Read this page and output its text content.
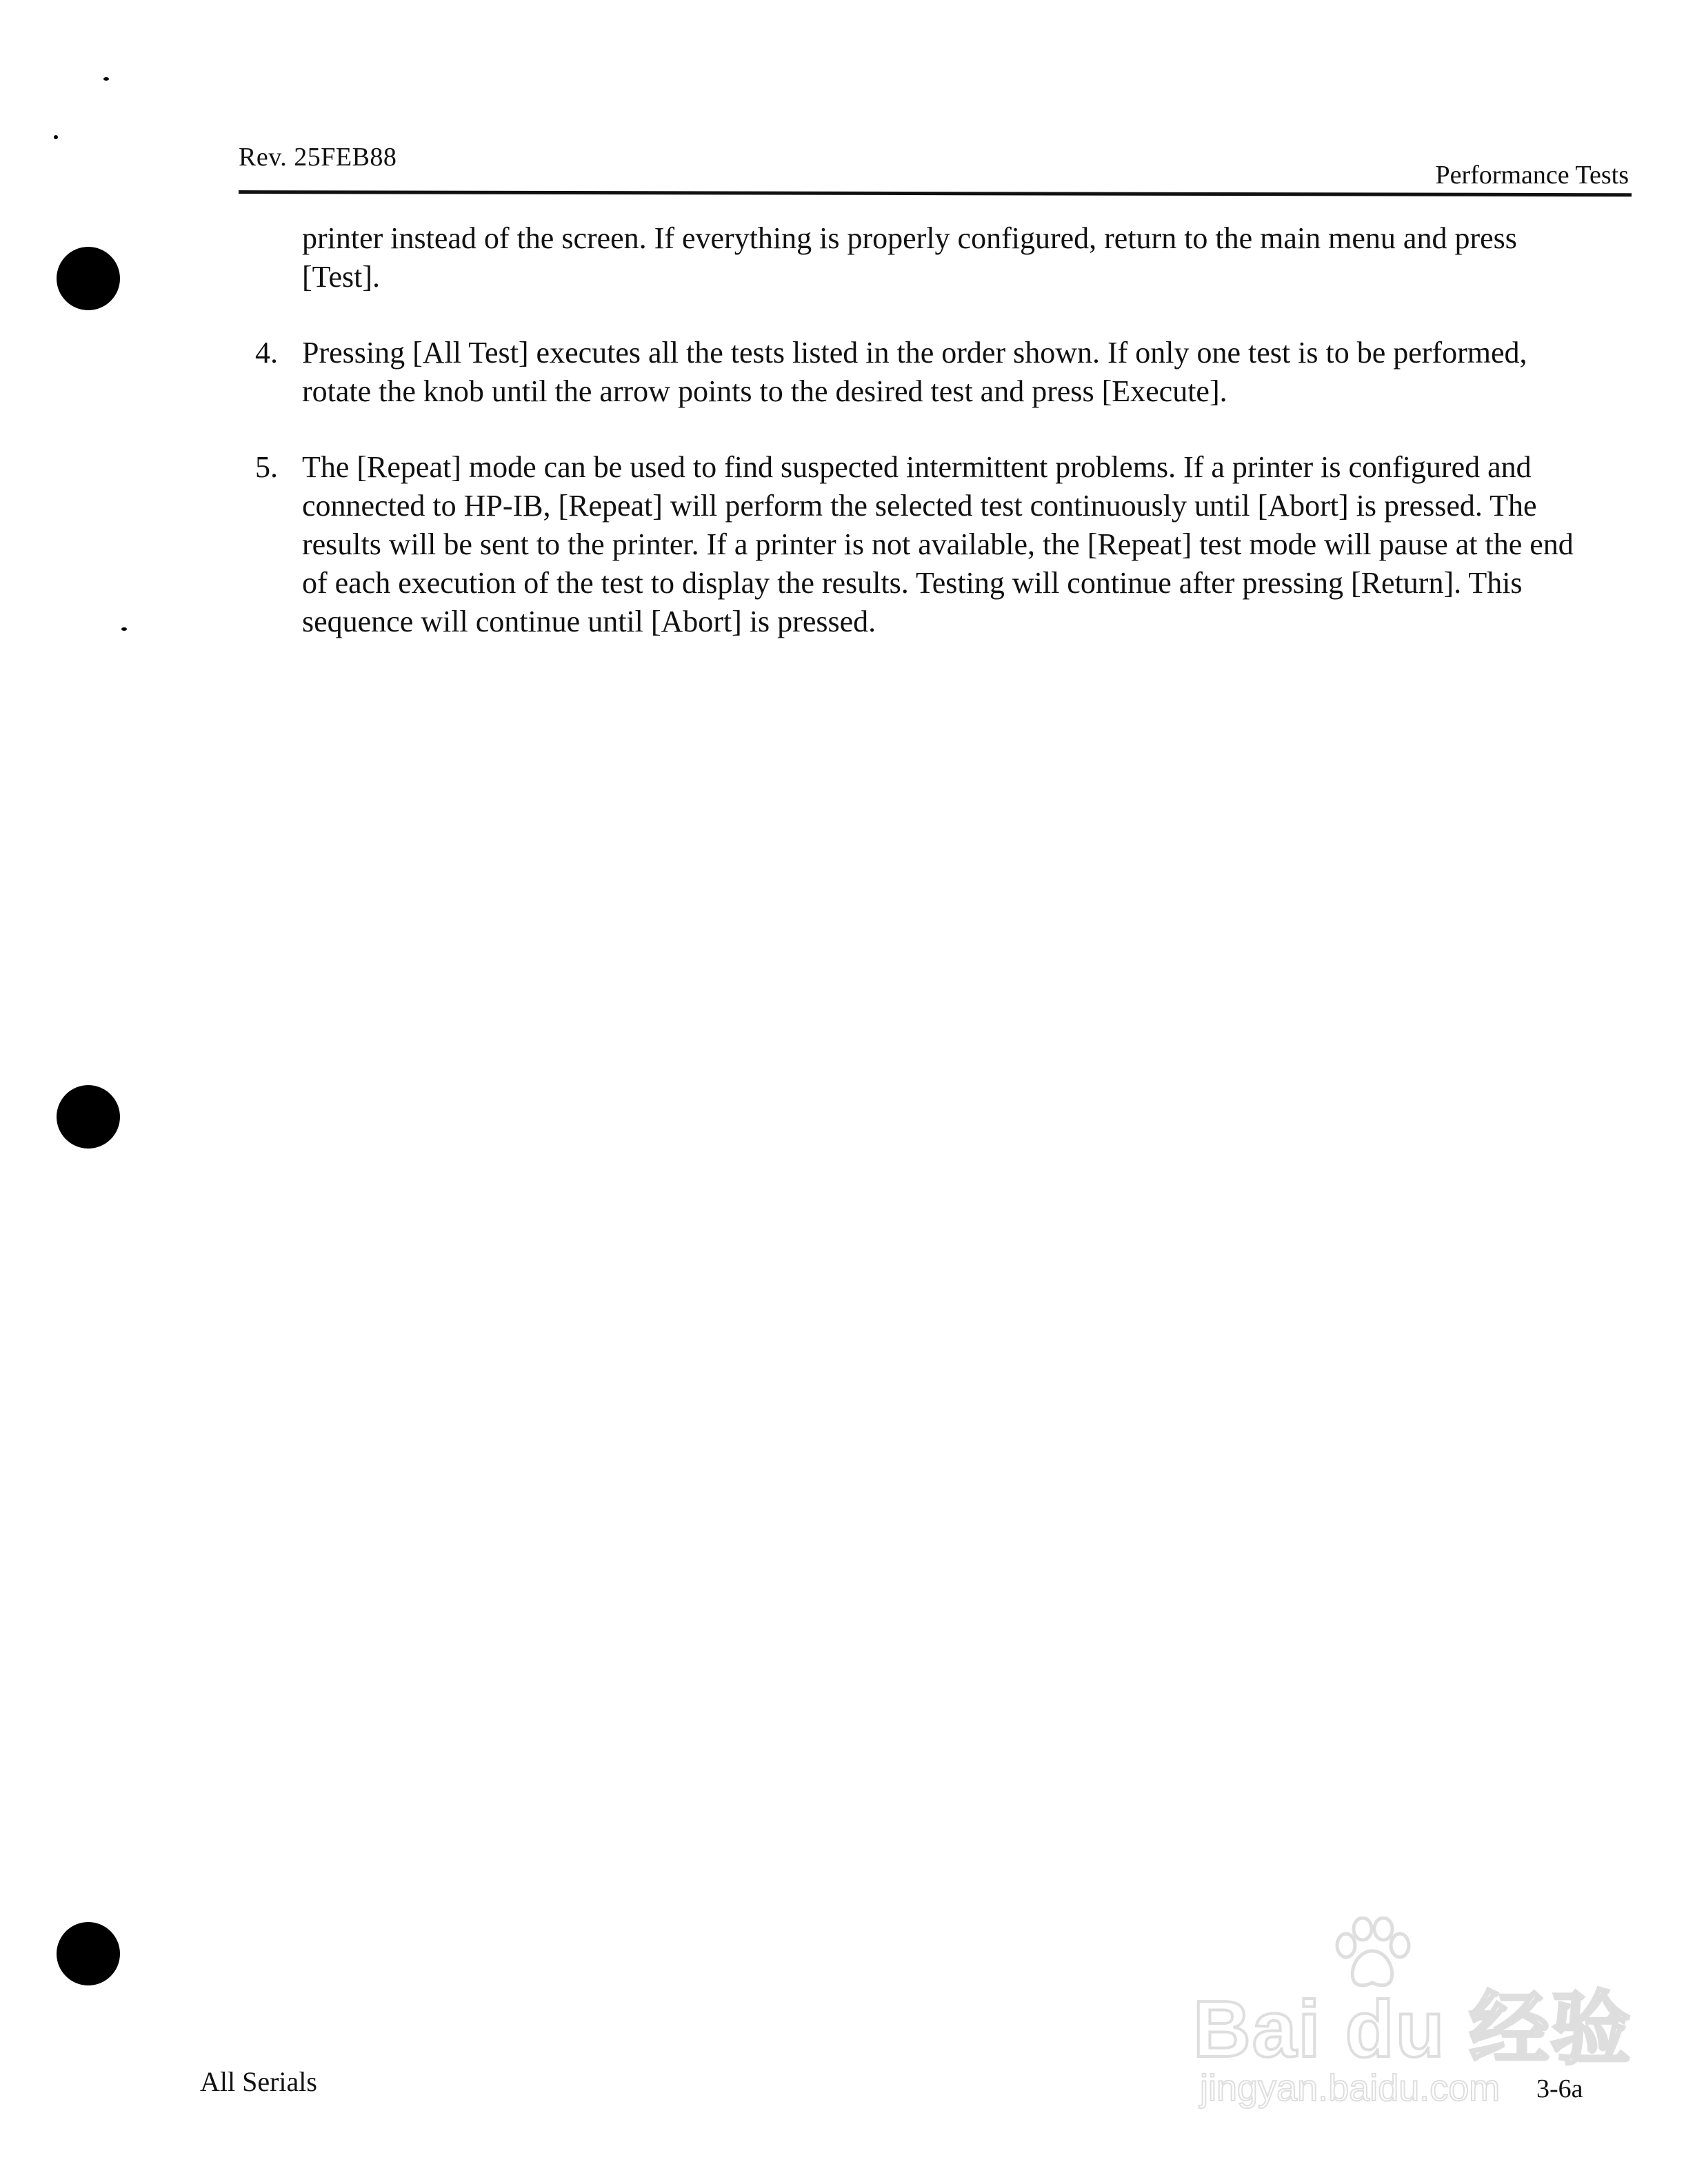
Rev. 25FEB88
Performance Tests

printer instead of the screen. If everything is properly configured, return to the main menu and press [Test].

4. Pressing [All Test] executes all the tests listed in the order shown. If only one test is to be performed, rotate the knob until the arrow points to the desired test and press [Execute].

5. The [Repeat] mode can be used to find suspected intermittent problems. If a printer is configured and connected to HP-IB, [Repeat] will perform the selected test continuously until [Abort] is pressed. The results will be sent to the printer. If a printer is not available, the [Repeat] test mode will pause at the end of each execution of the test to display the results. Testing will continue after pressing [Return]. This sequence will continue until [Abort] is pressed.

All Serials	3-6a
Bai du 经验
jingyan.baidu.com
